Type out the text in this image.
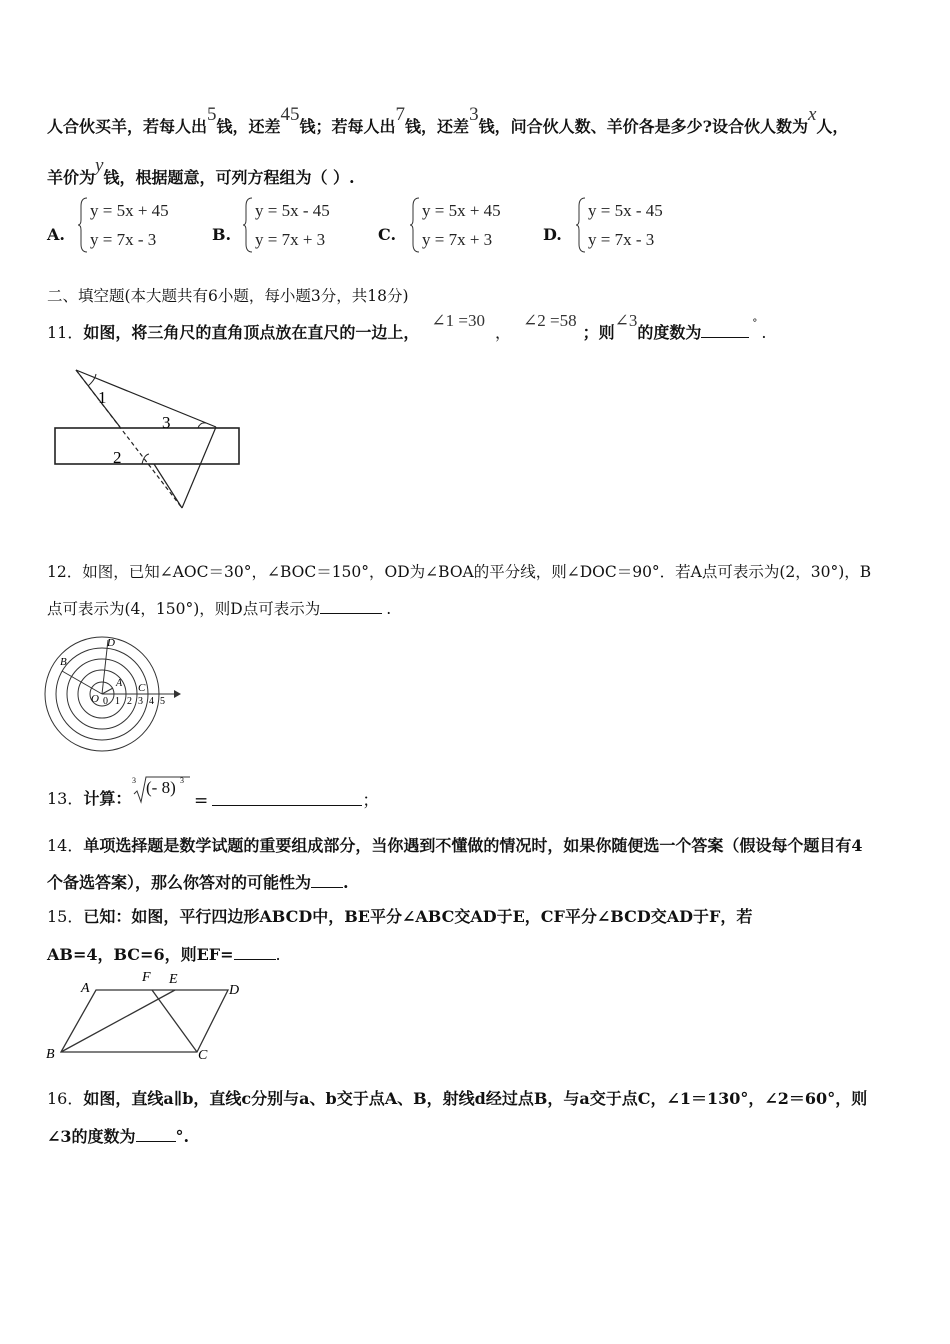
人合伙买羊，若每人出5钱，还差45钱；若每人出7钱，还差3钱，问合伙人数、羊价各是多少?设合伙人数为x人，
羊价为y钱，根据题意，可列方程组为（ ）.
A.
y = 5x + 45
y = 7x - 3	B.
y = 5x - 45
y = 7x + 3	C.
y = 5x + 45
y = 7x + 3	D.
y = 5x - 45
y = 7x - 3
二、填空题(本大题共有6小题，每小题3分，共18分)
11．如图，将三角尺的直角顶点放在直尺的一边上，∠1 =30，∠2 =58；则∠3的度数为	° .
1
3
2
12．如图，已知∠AOC＝30°，∠BOC＝150°，OD为∠BOA的平分线，则∠DOC＝90°．若A点可表示为(2，30°)，B
点可表示为(4，150°)，则D点可表示为	.
D
B
A C
O 0 1 2 3 4 5
13．计算：
3 (- 8) 3
=	；
14．单项选择题是数学试题的重要组成部分，当你遇到不懂做的情况时，如果你随便选一个答案（假设每个题目有4
个备选答案），那么你答对的可能性为 .
15．已知：如图，平行四边形ABCD中，BE平分∠ABC交AD于E，CF平分∠BCD交AD于F，若
AB=4，BC=6，则EF=	.
A
F E
D
B	C
16．如图，直线a∥b，直线c分别与a、b交于点A、B，射线d经过点B，与a交于点C，∠1＝130°，∠2＝60°，则
∠3的度数为	°.
